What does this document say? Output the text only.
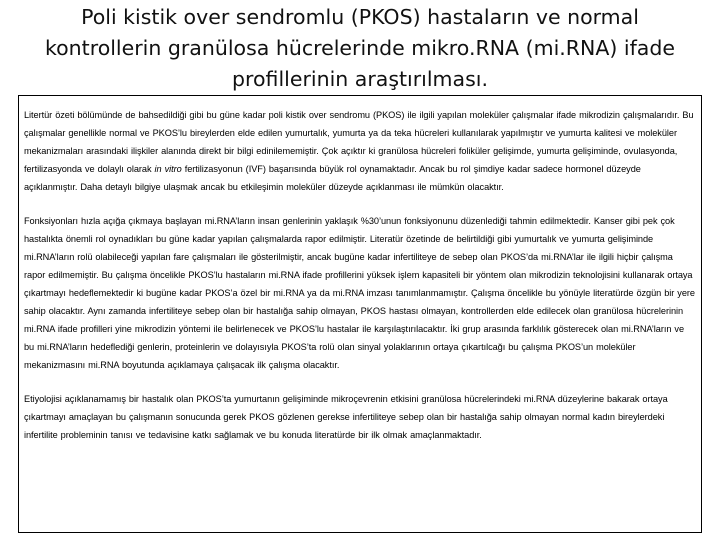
Poli kistik over sendromlu (PKOS) hastaların ve normal kontrollerin granülosa hücrelerinde mikro.RNA (mi.RNA) ifade profillerinin araştırılması.

Litertür özeti bölümünde de bahsedildiği gibi bu güne kadar poli kistik over sendromu (PKOS) ile ilgili yapılan moleküler çalışmalar ifade mikrodizin çalışmalarıdır. Bu çalışmalar genellikle normal ve PKOS’lu bireylerden elde edilen yumurtalık, yumurta ya da teka hücreleri kullanılarak yapılmıştır ve yumurta kalitesi ve moleküler mekanizmaları arasındaki ilişkiler alanında direkt bir bilgi edinilememiştir. Çok açıktır ki granülosa hücreleri foliküler gelişimde, yumurta gelişiminde, ovulasyonda, fertilizasyonda ve dolaylı olarak in vitro fertilizasyonun (IVF) başarısında büyük rol oynamaktadır. Ancak bu rol şimdiye kadar sadece hormonel düzeyde açıklanmıştır. Daha detaylı bilgiye ulaşmak ancak bu etkileşimin moleküler düzeyde açıklanması ile mümkün olacaktır.

Fonksiyonları hızla açığa çıkmaya başlayan mi.RNA’ların insan genlerinin yaklaşık %30’unun fonksiyonunu düzenlediği tahmin edilmektedir. Kanser gibi pek çok hastalıkta önemli rol oynadıkları bu güne kadar yapılan çalışmalarda rapor edilmiştir. Literatür özetinde de belirtildiği gibi yumurtalık ve yumurta gelişiminde mi.RNA’ların rolü olabileceği yapılan fare çalışmaları ile gösterilmiştir, ancak bugüne kadar infertiliteye de sebep olan PKOS’da mi.RNA’lar ile ilgili hiçbir çalışma rapor edilmemiştir. Bu çalışma öncelikle PKOS’lu hastaların mi.RNA ifade profillerini yüksek işlem kapasiteli bir yöntem olan mikrodizin teknolojisini kullanarak ortaya çıkartmayı hedeflemektedir ki bugüne kadar PKOS’a özel bir mi.RNA ya da mi.RNA imzası tanımlanmamıştır. Çalışma öncelikle bu yönüyle literatürde özgün bir yere sahip olacaktır. Aynı zamanda infertiliteye sebep olan bir hastalığa sahip olmayan, PKOS hastası olmayan, kontrollerden elde edilecek olan granülosa hücrelerinin mi.RNA ifade profilleri yine mikrodizin yöntemi ile belirlenecek ve PKOS’lu hastalar ile karşılaştırılacaktır. İki grup arasında farklılık gösterecek olan mi.RNA’ların ve bu mi.RNA’ların hedeflediği genlerin, proteinlerin ve dolayısıyla PKOS’ta rolü olan sinyal yolaklarının ortaya çıkartılcağı bu çalışma PKOS’un moleküler mekanizmasını mi.RNA boyutunda açıklamaya çalışacak ilk çalışma olacaktır.

Etiyolojisi açıklanamamış bir hastalık olan PKOS’ta yumurtanın gelişiminde mikroçevrenin etkisini granülosa hücrelerindeki mi.RNA düzeylerine bakarak ortaya çıkartmayı amaçlayan bu çalışmanın sonucunda gerek PKOS gözlenen gerekse infertiliteye sebep olan bir hastalığa sahip olmayan normal kadın bireylerdeki infertilite probleminin tanısı ve tedavisine katkı sağlamak ve bu konuda literatürde bir ilk olmak amaçlanmaktadır.
